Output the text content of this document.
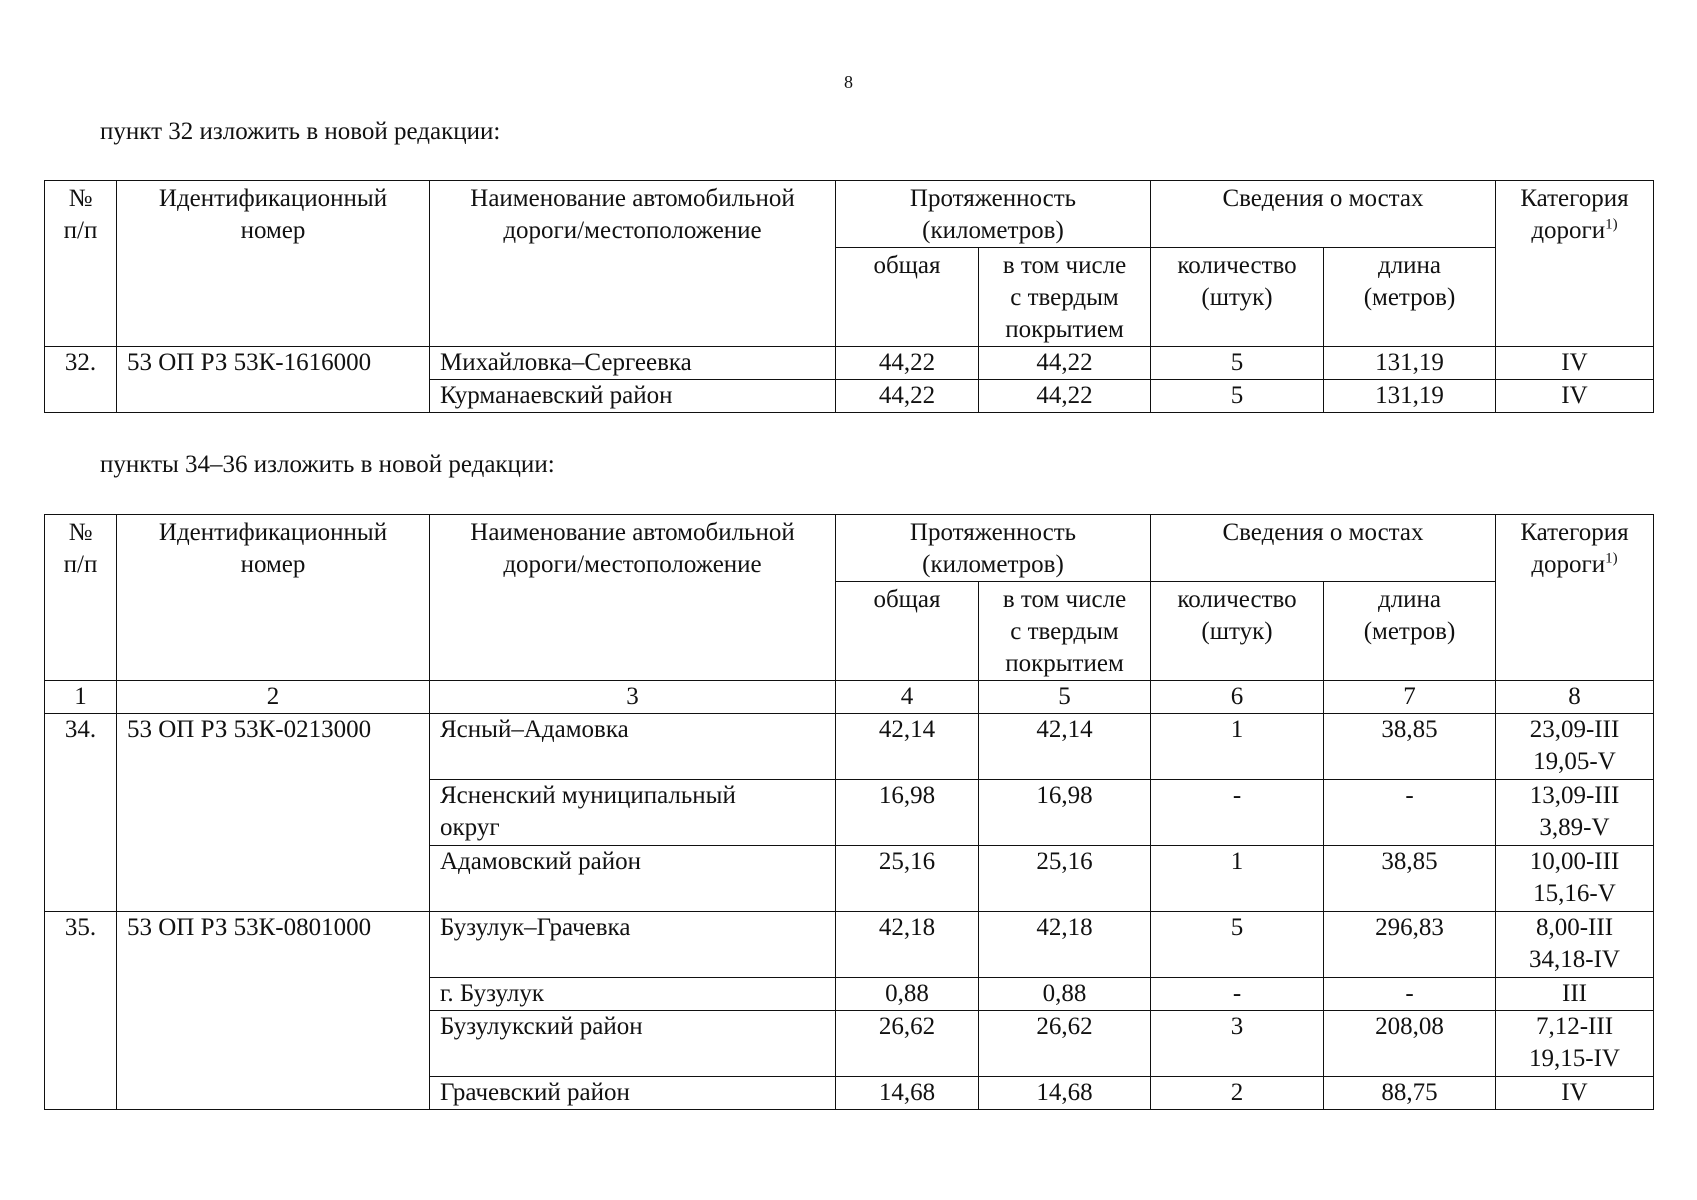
8
пункт 32 изложить в новой редакции:
пункты 34–36 изложить в новой редакции:
№
п/п	Идентификационный
номер	Наименование автомобильной
дороги/местоположение	Протяженность
(километров)		Сведения о мостах		Категория
дороги$^{1)}$
			общая	в том числе
с твердым
покрытием	количество
(штук)	длина
(метров)	
32.	53 ОП РЗ 53К-1616000	Михайловка–Сергеевка	44,22	44,22	5	131,19	IV
		Курманаевский район	44,22	44,22	5	131,19	IV
№
п/п	Идентификационный
номер	Наименование автомобильной
дороги/местоположение	Протяженность
(километров)		Сведения о мостах		Категория
дороги$^{1)}$
			общая	в том числе
с твердым
покрытием	количество
(штук)	длина
(метров)	
1	2	3	4	5	6	7	8
34.	53 ОП РЗ 53К-0213000	Ясный–Адамовка	42,14	42,14	1	38,85	23,09-III
19,05-V
		Ясненский муниципальный
округ	16,98	16,98	-	-	13,09-III
3,89-V
		Адамовский район	25,16	25,16	1	38,85	10,00-III
15,16-V
35.	53 ОП РЗ 53К-0801000	Бузулук–Грачевка	42,18	42,18	5	296,83	8,00-III
34,18-IV
		г. Бузулук	0,88	0,88	-	-	III
		Бузулукский район	26,62	26,62	3	208,08	7,12-III
19,15-IV
		Грачевский район	14,68	14,68	2	88,75	IV
